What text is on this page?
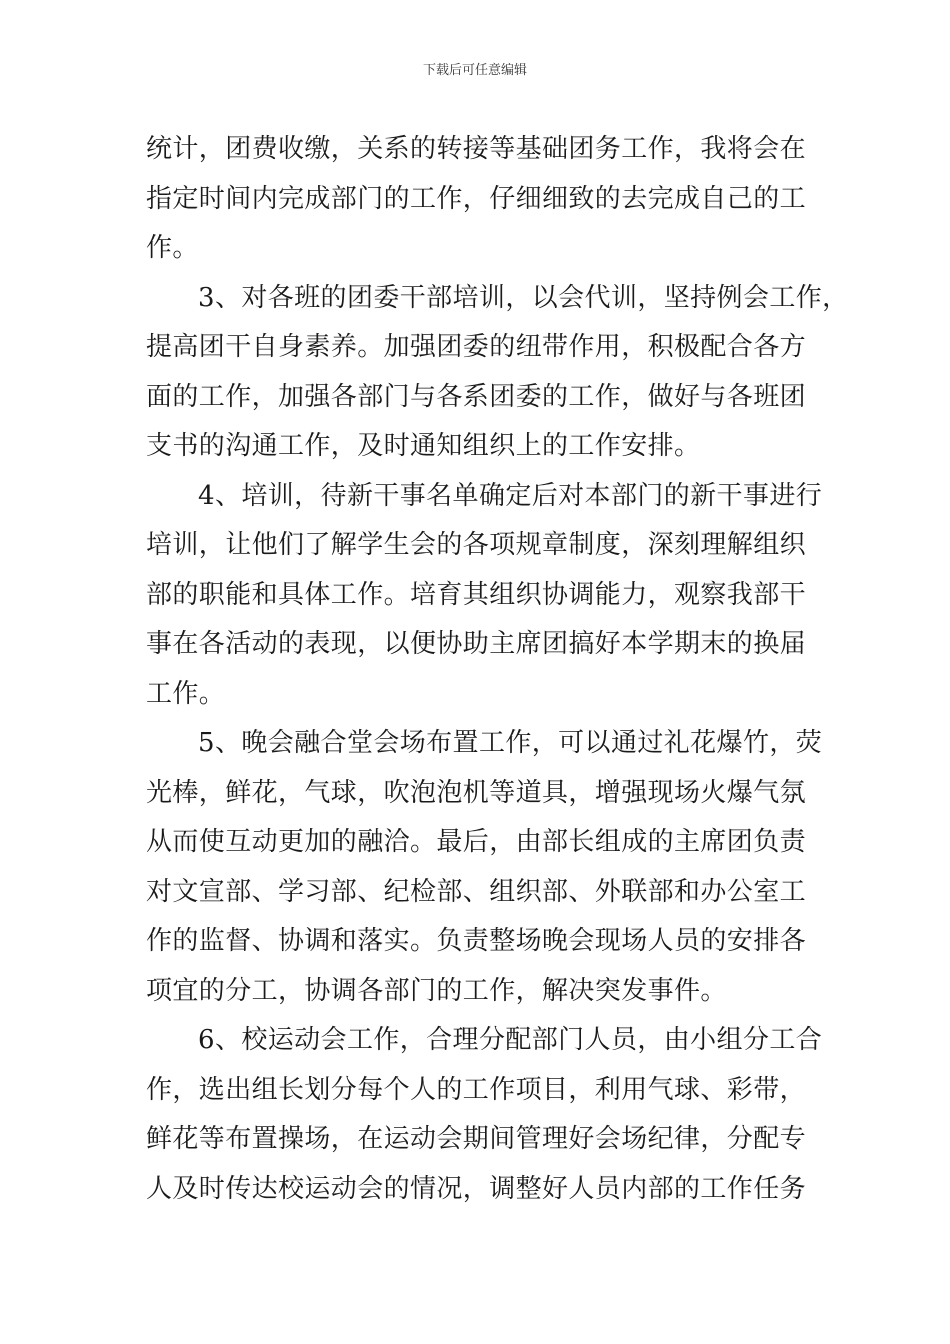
下载后可任意编辑
统计，团费收缴，关系的转接等基础团务工作，我将会在
指定时间内完成部门的工作，仔细细致的去完成自己的工
作。
3、对各班的团委干部培训，以会代训，坚持例会工作，
提高团干自身素养。加强团委的纽带作用，积极配合各方
面的工作，加强各部门与各系团委的工作，做好与各班团
支书的沟通工作，及时通知组织上的工作安排。
4、培训，待新干事名单确定后对本部门的新干事进行
培训，让他们了解学生会的各项规章制度，深刻理解组织
部的职能和具体工作。培育其组织协调能力，观察我部干
事在各活动的表现，以便协助主席团搞好本学期末的换届
工作。
5、晚会融合堂会场布置工作，可以通过礼花爆竹，荧
光棒，鲜花，气球，吹泡泡机等道具，增强现场火爆气氛
从而使互动更加的融洽。最后，由部长组成的主席团负责
对文宣部、学习部、纪检部、组织部、外联部和办公室工
作的监督、协调和落实。负责整场晚会现场人员的安排各
项宜的分工，协调各部门的工作，解决突发事件。
6、校运动会工作，合理分配部门人员，由小组分工合
作，选出组长划分每个人的工作项目，利用气球、彩带，
鲜花等布置操场，在运动会期间管理好会场纪律，分配专
人及时传达校运动会的情况，调整好人员内部的工作任务
